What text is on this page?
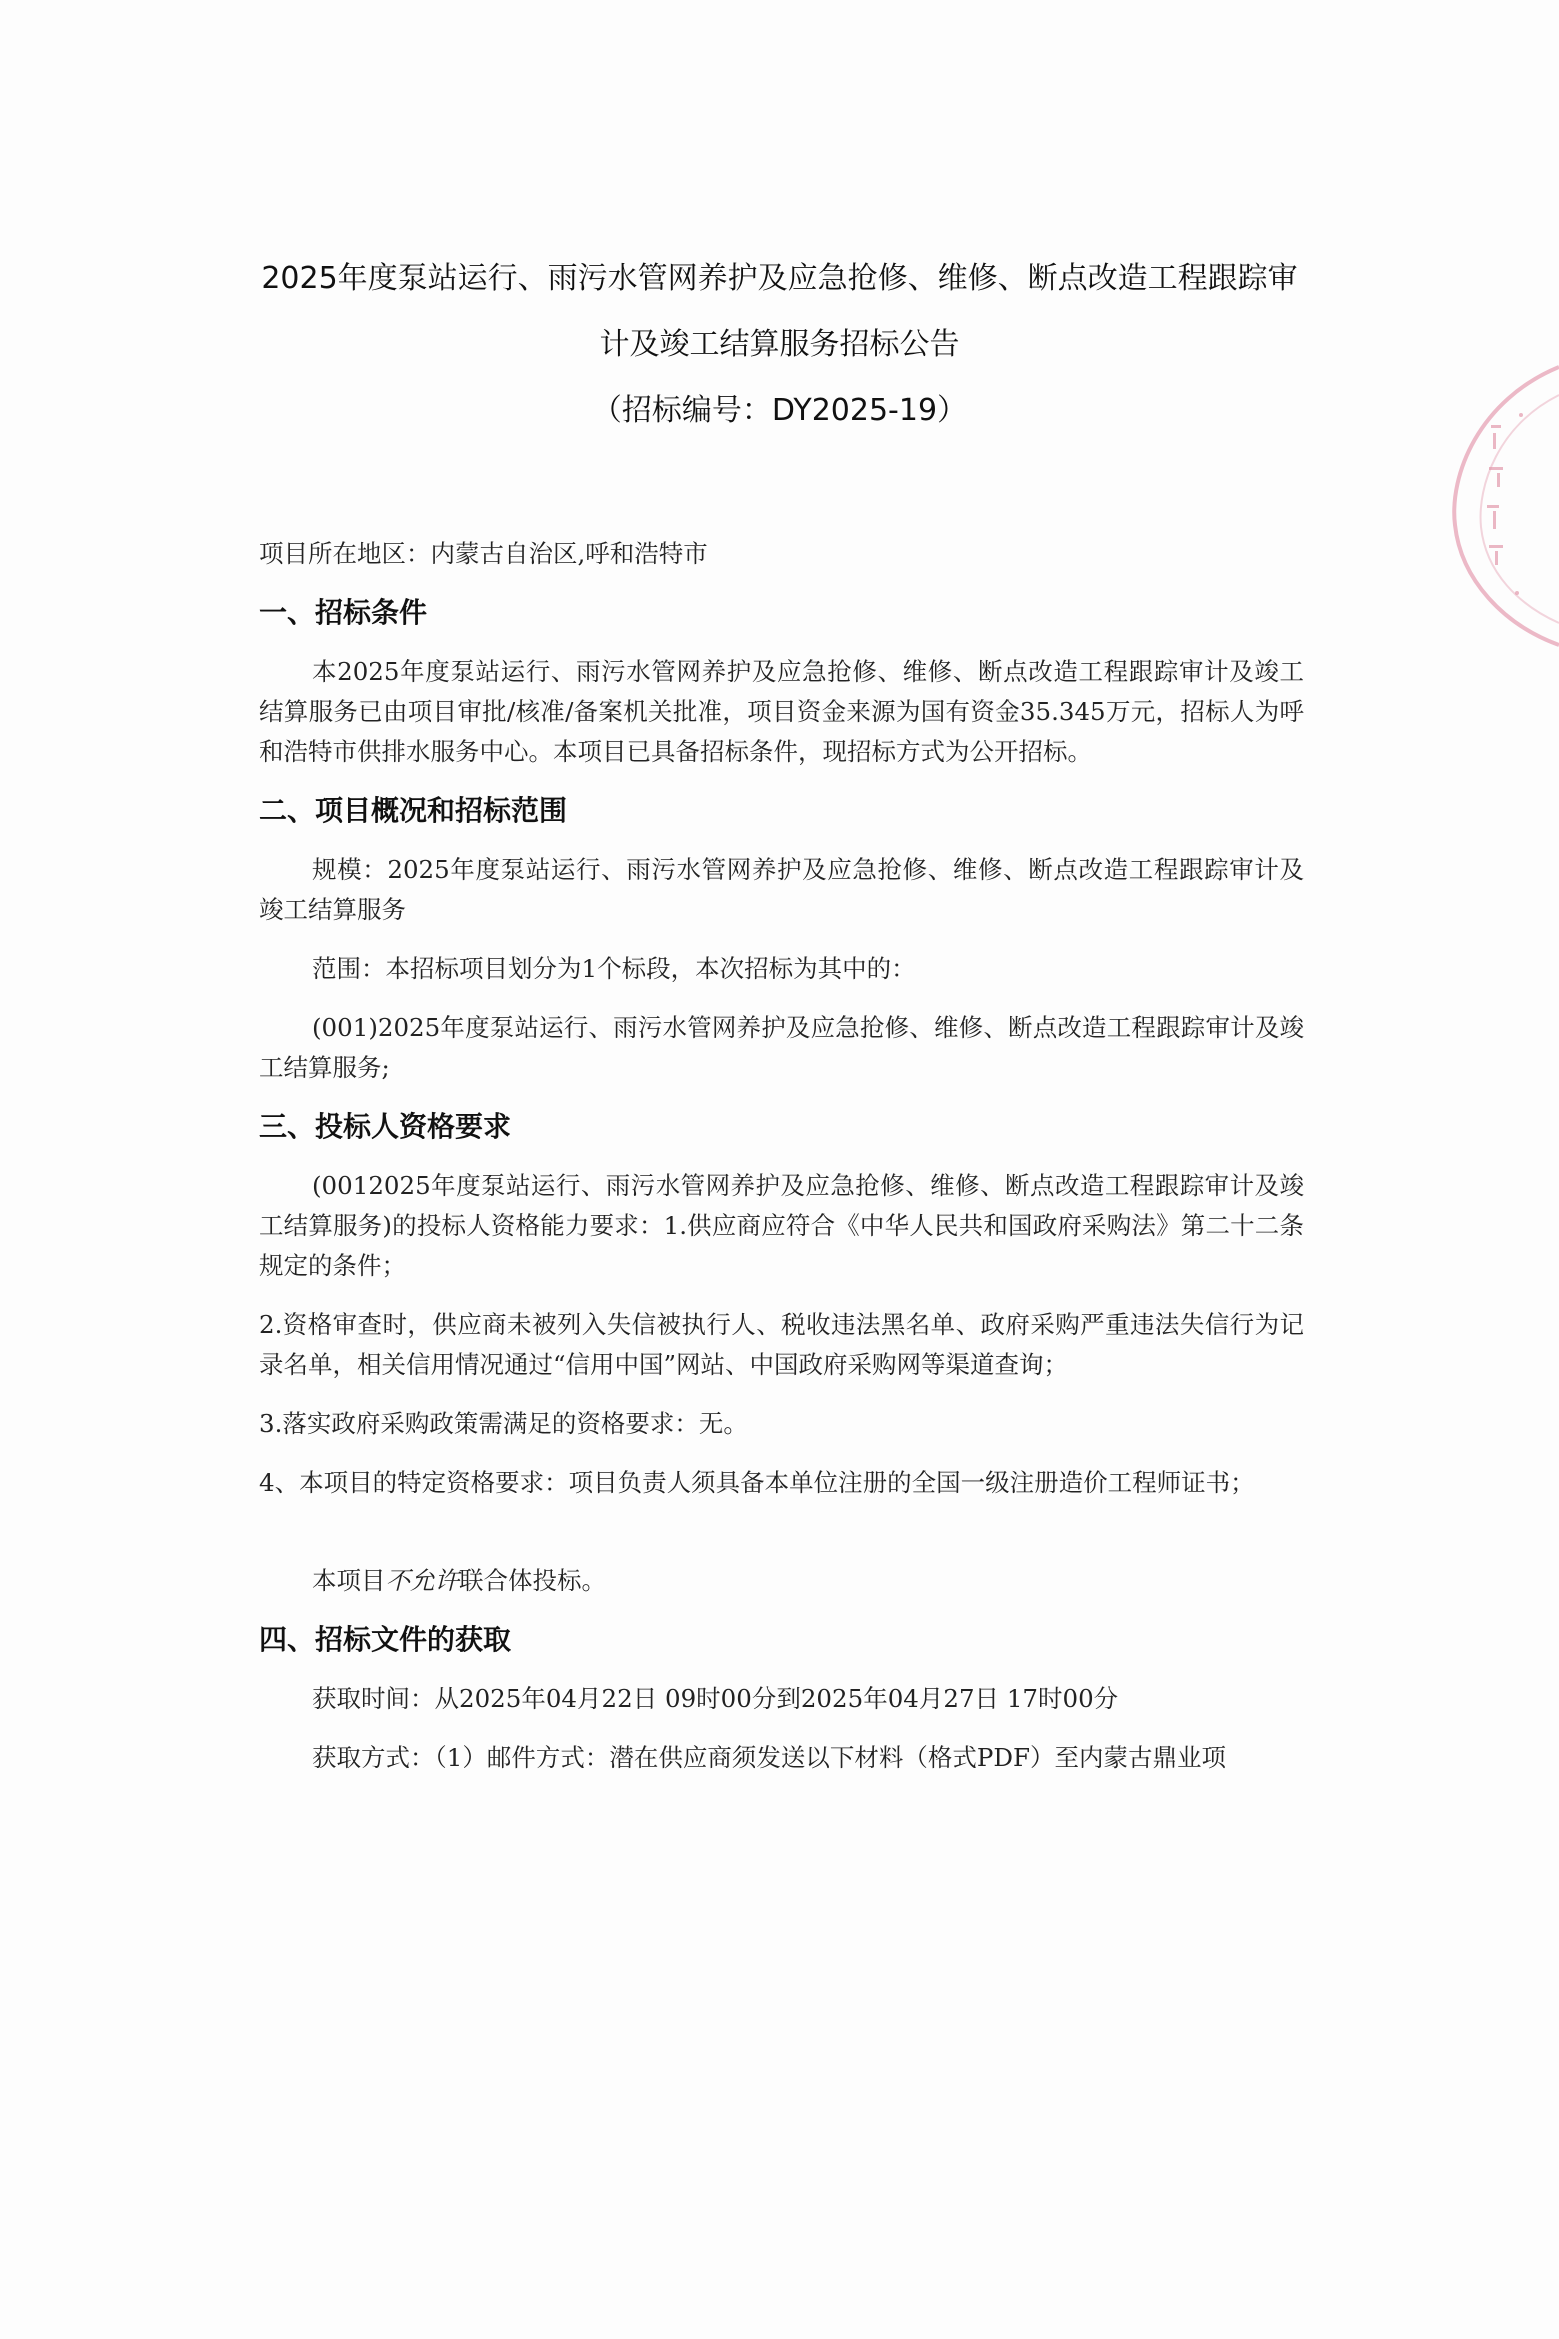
2025年度泵站运行、雨污水管网养护及应急抢修、维修、断点改造工程跟踪审
计及竣工结算服务招标公告
（招标编号：DY2025-19）

项目所在地区：内蒙古自治区,呼和浩特市

一、招标条件

本2025年度泵站运行、雨污水管网养护及应急抢修、维修、断点改造工程跟踪审计及竣工结算服务已由项目审批/核准/备案机关批准，项目资金来源为国有资金35.345万元，招标人为呼和浩特市供排水服务中心。本项目已具备招标条件，现招标方式为公开招标。

二、项目概况和招标范围

规模：2025年度泵站运行、雨污水管网养护及应急抢修、维修、断点改造工程跟踪审计及竣工结算服务

范围：本招标项目划分为1个标段，本次招标为其中的：

(001)2025年度泵站运行、雨污水管网养护及应急抢修、维修、断点改造工程跟踪审计及竣工结算服务;

三、投标人资格要求

(0012025年度泵站运行、雨污水管网养护及应急抢修、维修、断点改造工程跟踪审计及竣工结算服务)的投标人资格能力要求：1.供应商应符合《中华人民共和国政府采购法》第二十二条规定的条件；

2.资格审查时，供应商未被列入失信被执行人、税收违法黑名单、政府采购严重违法失信行为记录名单，相关信用情况通过“信用中国”网站、中国政府采购网等渠道查询；

3.落实政府采购政策需满足的资格要求：无。

4、本项目的特定资格要求：项目负责人须具备本单位注册的全国一级注册造价工程师证书；

本项目不允许联合体投标。

四、招标文件的获取

获取时间：从2025年04月22日 09时00分到2025年04月27日 17时00分

获取方式：（1）邮件方式：潜在供应商须发送以下材料（格式PDF）至内蒙古鼎业项
